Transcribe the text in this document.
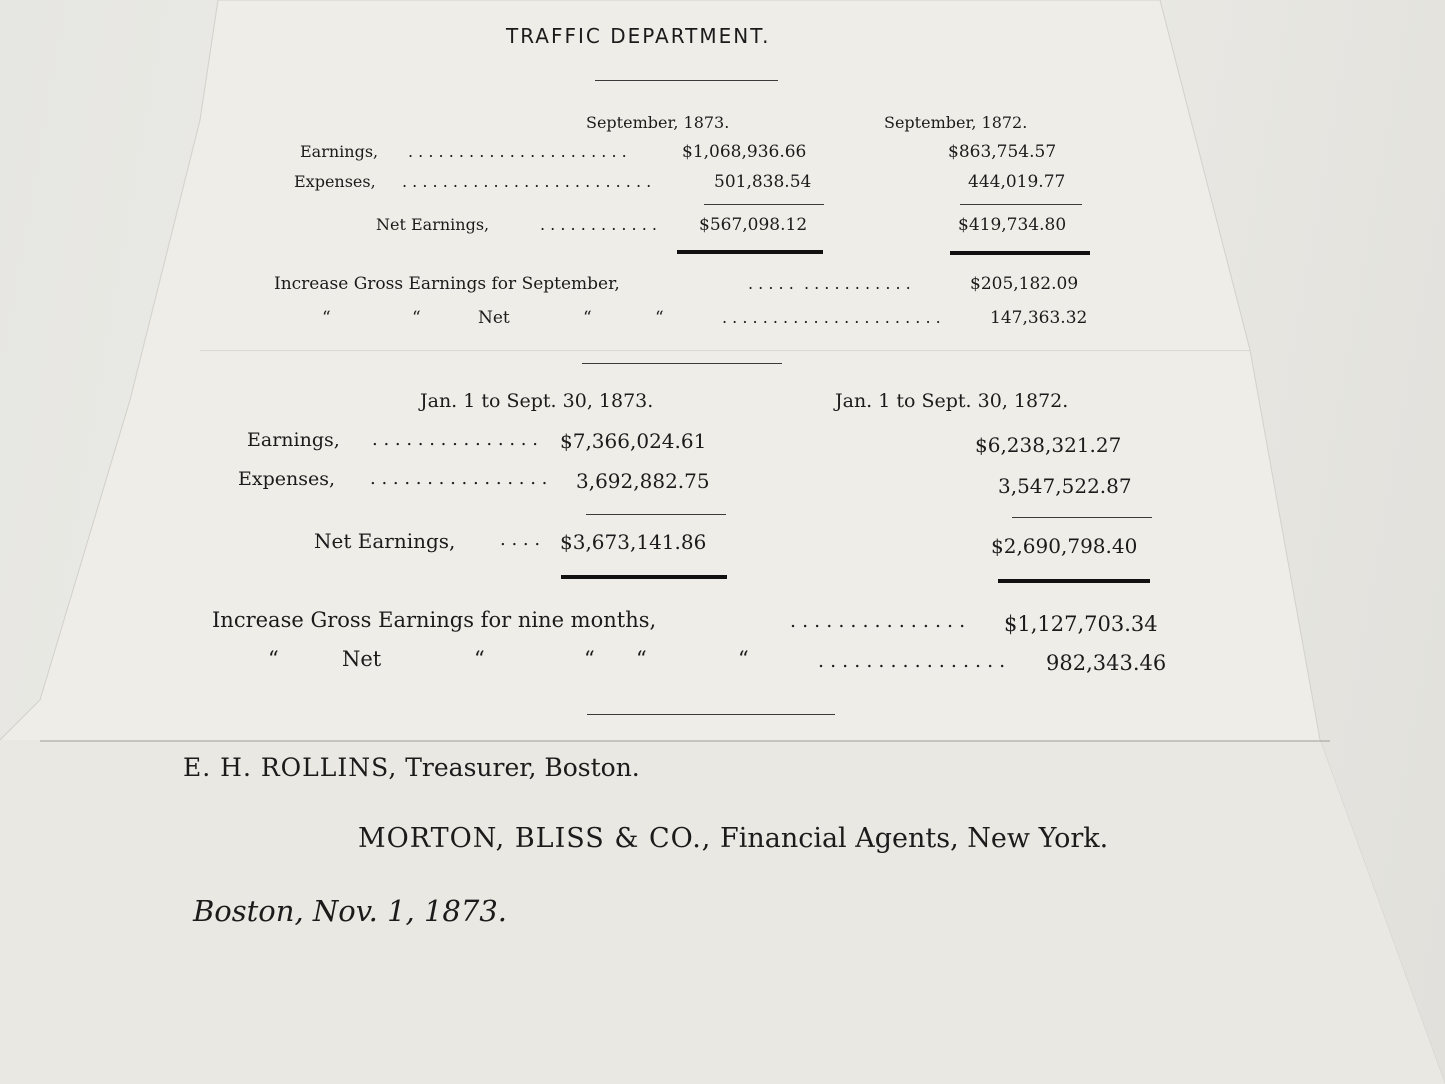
TRAFFIC DEPARTMENT.
September, 1873.	September, 1872.
Earnings, . . . . . . . . . . . . . . . . . . . . . .	$1,068,936.66	$863,754.57
Expenses, . . . . . . . . . . . . . . . . . . . . . . . . .	501,838.54	444,019.77
Net Earnings,	. . . . . . . . . . . . $567,098.12	$419,734.80
Increase Gross Earnings for September,	. . . . .  . . . . . . . . . . .	$205,182.09
“	“	Net	“	“	. . . . . . . . . . . . . . . . . . . . . .	147,363.32
Jan. 1 to Sept. 30, 1873.	Jan. 1 to Sept. 30, 1872.
Earnings, . . . . . . . . . . . . . . . $7,366,024.61	$6,238,321.27
Expenses, . . . . . . . . . . . . . . . . 3,692,882.75	3,547,522.87
Net Earnings, . . . . $3,673,141.86	$2,690,798.40
Increase Gross Earnings for nine months,	. . . . . . . . . . . . . . . $1,127,703.34
“	Net	“	“ “	“	. . . . . . . . . . . . . . . . 982,343.46
E. H. ROLLINS, Treasurer, Boston.
MORTON, BLISS & CO., Financial Agents, New York.
Boston, Nov. 1, 1873.
